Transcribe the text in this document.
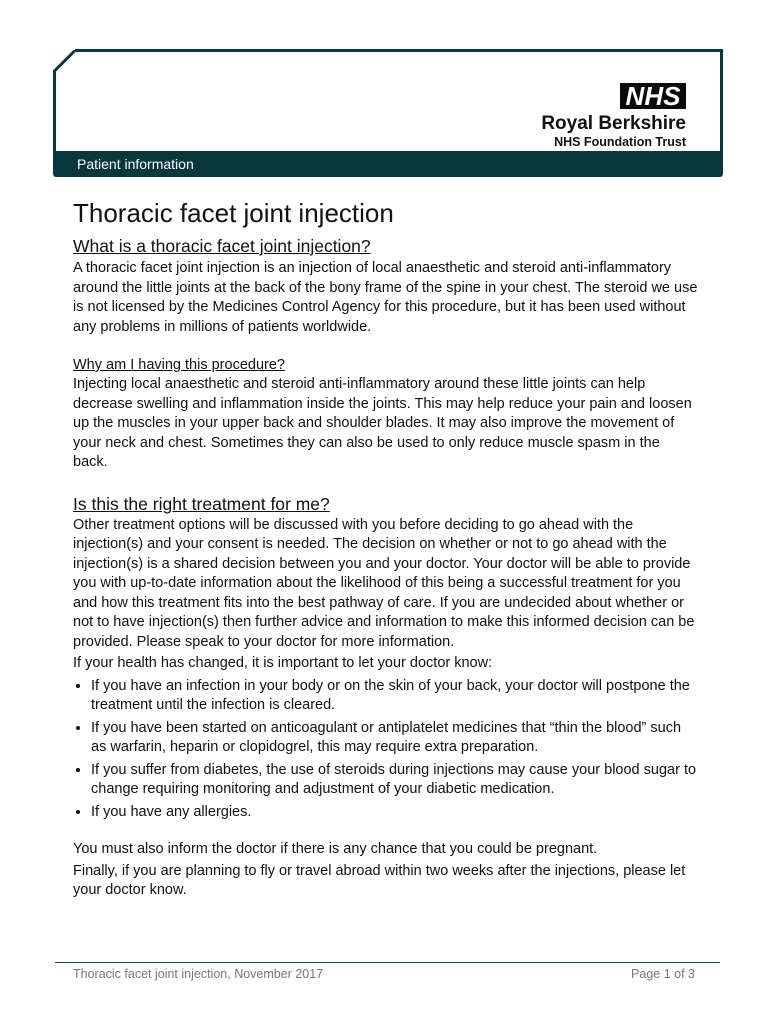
NHS
Royal Berkshire
NHS Foundation Trust
Patient information
Thoracic facet joint injection
What is a thoracic facet joint injection?

A thoracic facet joint injection is an injection of local anaesthetic and steroid anti-inflammatory around the little joints at the back of the bony frame of the spine in your chest. The steroid we use is not licensed by the Medicines Control Agency for this procedure, but it has been used without any problems in millions of patients worldwide.

Why am I having this procedure?

Injecting local anaesthetic and steroid anti-inflammatory around these little joints can help decrease swelling and inflammation inside the joints. This may help reduce your pain and loosen up the muscles in your upper back and shoulder blades. It may also improve the movement of your neck and chest. Sometimes they can also be used to only reduce muscle spasm in the back.

Is this the right treatment for me?

Other treatment options will be discussed with you before deciding to go ahead with the injection(s) and your consent is needed. The decision on whether or not to go ahead with the injection(s) is a shared decision between you and your doctor. Your doctor will be able to provide you with up-to-date information about the likelihood of this being a successful treatment for you and how this treatment fits into the best pathway of care. If you are undecided about whether or not to have injection(s) then further advice and information to make this informed decision can be provided. Please speak to your doctor for more information.

If your health has changed, it is important to let your doctor know:

• If you have an infection in your body or on the skin of your back, your doctor will postpone the treatment until the infection is cleared.
• If you have been started on anticoagulant or antiplatelet medicines that “thin the blood” such as warfarin, heparin or clopidogrel, this may require extra preparation.
• If you suffer from diabetes, the use of steroids during injections may cause your blood sugar to change requiring monitoring and adjustment of your diabetic medication.
• If you have any allergies.

You must also inform the doctor if there is any chance that you could be pregnant.

Finally, if you are planning to fly or travel abroad within two weeks after the injections, please let your doctor know.

Thoracic facet joint injection, November 2017	Page 1 of 3
